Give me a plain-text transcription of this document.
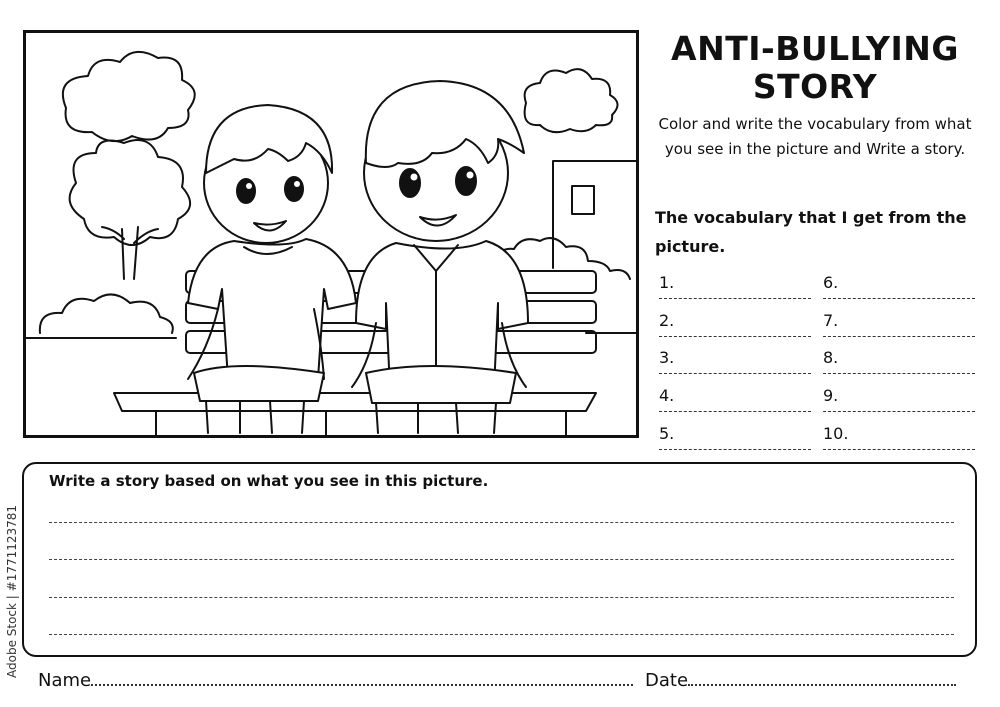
ANTI-BULLYING
STORY

Color and write the vocabulary from what you see in the picture and Write a story.

The vocabulary that I get from the picture.

1.
2.
3.
4.
5.
6.
7.
8.
9.
10.

Write a story based on what you see in this picture.

Name	Date
Adobe Stock | #1771123781
